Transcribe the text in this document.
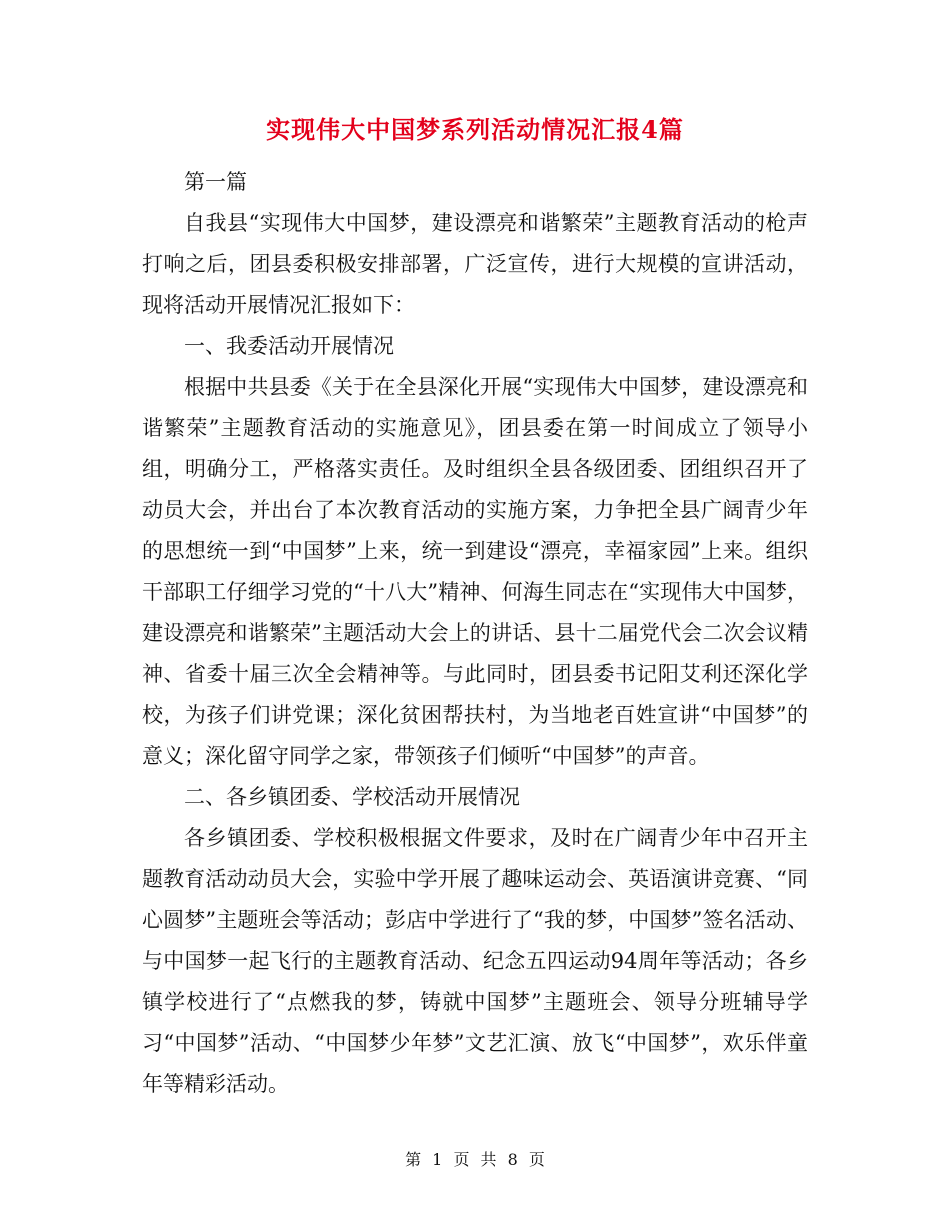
实现伟大中国梦系列活动情况汇报4篇

第一篇

自我县“实现伟大中国梦，建设漂亮和谐繁荣”主题教育活动的枪声打响之后，团县委积极安排部署，广泛宣传，进行大规模的宣讲活动，现将活动开展情况汇报如下：

一、我委活动开展情况

根据中共县委《关于在全县深化开展“实现伟大中国梦，建设漂亮和谐繁荣”主题教育活动的实施意见》，团县委在第一时间成立了领导小组，明确分工，严格落实责任。及时组织全县各级团委、团组织召开了动员大会，并出台了本次教育活动的实施方案，力争把全县广阔青少年的思想统一到“中国梦”上来，统一到建设“漂亮，幸福家园”上来。组织干部职工仔细学习党的“十八大”精神、何海生同志在“实现伟大中国梦，建设漂亮和谐繁荣”主题活动大会上的讲话、县十二届党代会二次会议精神、省委十届三次全会精神等。与此同时，团县委书记阳艾利还深化学校，为孩子们讲党课；深化贫困帮扶村，为当地老百姓宣讲“中国梦”的意义；深化留守同学之家，带领孩子们倾听“中国梦”的声音。

二、各乡镇团委、学校活动开展情况

各乡镇团委、学校积极根据文件要求，及时在广阔青少年中召开主题教育活动动员大会，实验中学开展了趣味运动会、英语演讲竞赛、“同心圆梦”主题班会等活动；彭店中学进行了“我的梦，中国梦”签名活动、与中国梦一起飞行的主题教育活动、纪念五四运动94周年等活动；各乡镇学校进行了“点燃我的梦，铸就中国梦”主题班会、领导分班辅导学习“中国梦”活动、“中国梦少年梦”文艺汇演、放飞“中国梦”，欢乐伴童年等精彩活动。

第 1 页 共 8 页
